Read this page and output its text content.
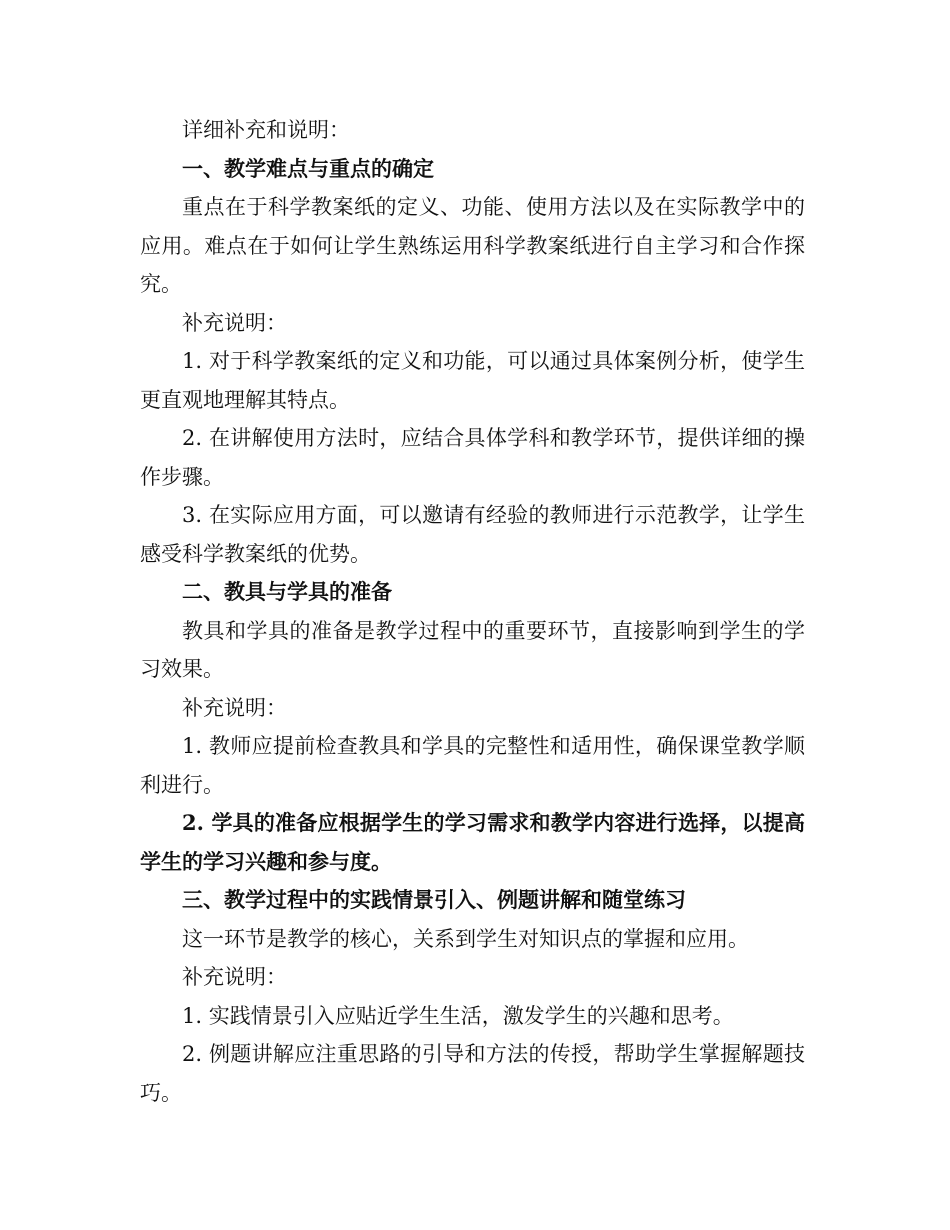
详细补充和说明：

一、教学难点与重点的确定

重点在于科学教案纸的定义、功能、使用方法以及在实际教学中的应用。难点在于如何让学生熟练运用科学教案纸进行自主学习和合作探究。

补充说明：

1. 对于科学教案纸的定义和功能，可以通过具体案例分析，使学生更直观地理解其特点。

2. 在讲解使用方法时，应结合具体学科和教学环节，提供详细的操作步骤。

3. 在实际应用方面，可以邀请有经验的教师进行示范教学，让学生感受科学教案纸的优势。

二、教具与学具的准备

教具和学具的准备是教学过程中的重要环节，直接影响到学生的学习效果。

补充说明：

1. 教师应提前检查教具和学具的完整性和适用性，确保课堂教学顺利进行。

2. 学具的准备应根据学生的学习需求和教学内容进行选择，以提高学生的学习兴趣和参与度。

三、教学过程中的实践情景引入、例题讲解和随堂练习

这一环节是教学的核心，关系到学生对知识点的掌握和应用。

补充说明：

1. 实践情景引入应贴近学生生活，激发学生的兴趣和思考。

2. 例题讲解应注重思路的引导和方法的传授，帮助学生掌握解题技巧。
